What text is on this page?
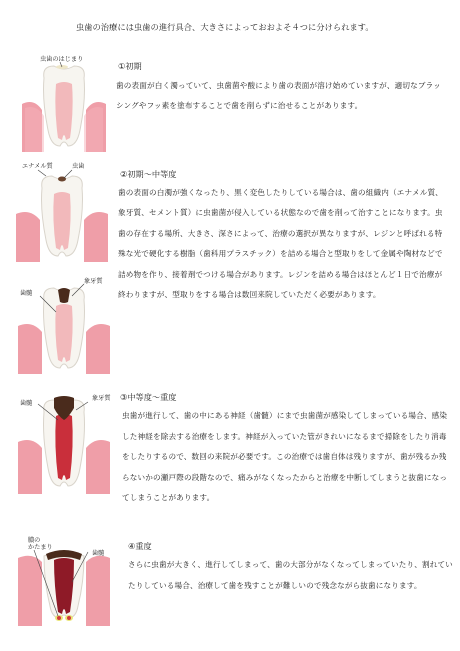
虫歯の治療には虫歯の進行具合、大きさによっておおよそ４つに分けられます。
虫歯のはじまり
①初期

歯の表面が白く濁っていて、虫歯菌や酸により歯の表面が溶け始めていますが、適切なブラッシングやフッ素を塗布することで歯を削らずに治せることがあります。

エナメル質	虫歯
歯髄
象牙質
②初期～中等度

歯の表面の白濁が強くなったり、黒く変色したりしている場合は、歯の組織内（エナメル質、象牙質、セメント質）に虫歯菌が侵入している状態なので歯を削って治すことになります。虫歯の存在する場所、大きさ、深さによって、治療の選択が異なりますが、レジンと呼ばれる特殊な光で硬化する樹脂（歯科用プラスチック）を詰める場合と型取りをして金属や陶材などで詰め物を作り、接着剤でつける場合があります。レジンを詰める場合はほとんど１日で治療が終わりますが、型取りをする場合は数回来院していただく必要があります。

歯髄
象牙質 ③中等度～重度

虫歯が進行して、歯の中にある神経（歯髄）にまで虫歯菌が感染してしまっている場合、感染した神経を除去する治療をします。神経が入っていた管がきれいになるまで掃除をしたり消毒をしたりするので、数回の来院が必要です。この治療では歯自体は残りますが、歯が残るか残らないかの瀬戸際の段階なので、痛みがなくなったからと治療を中断してしまうと抜歯になってしまうことがあります。

膿の
かたまり
歯髄
④重度

さらに虫歯が大きく、進行してしまって、歯の大部分がなくなってしまっていたり、割れていたりしている場合、治療して歯を残すことが難しいので残念ながら抜歯になります。
